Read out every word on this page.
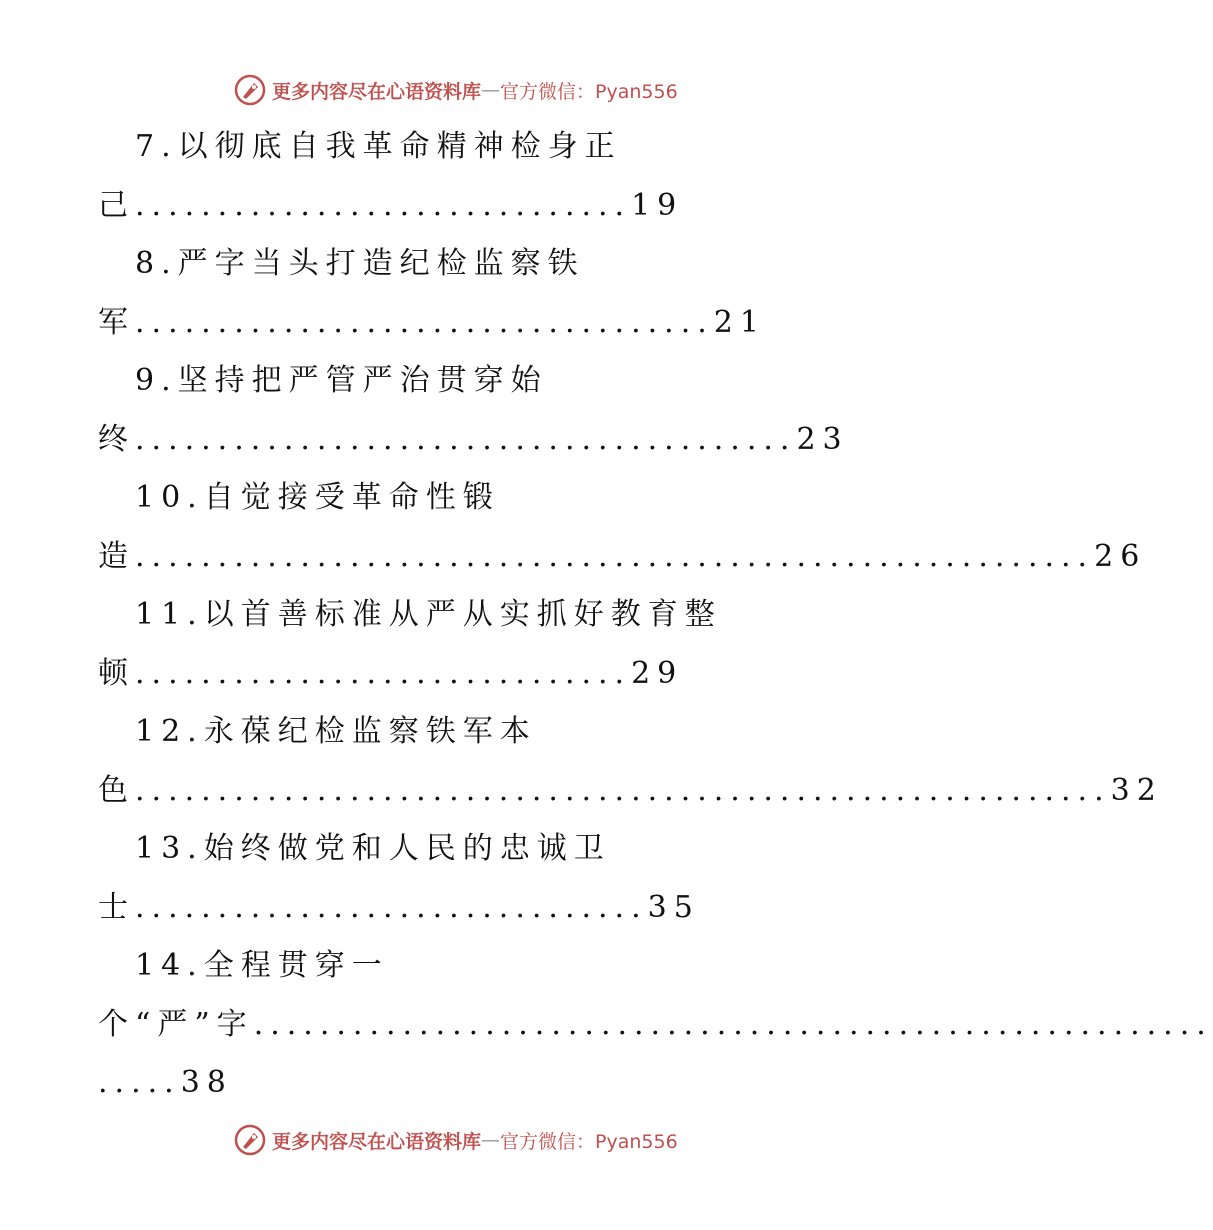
更多内容尽在心语资料库 — 官方微信：Pyan556
7.以彻底自我革命精神检身正
己..............................19
8.严字当头打造纪检监察铁
军...................................21
9.坚持把严管严治贯穿始
终........................................23
10.自觉接受革命性锻
造..........................................................26
11.以首善标准从严从实抓好教育整
顿..............................29
12.永葆纪检监察铁军本
色...........................................................32
13.始终做党和人民的忠诚卫
士...............................35
14.全程贯穿一
个“严”字..........................................................
.....38
更多内容尽在心语资料库 — 官方微信：Pyan556
